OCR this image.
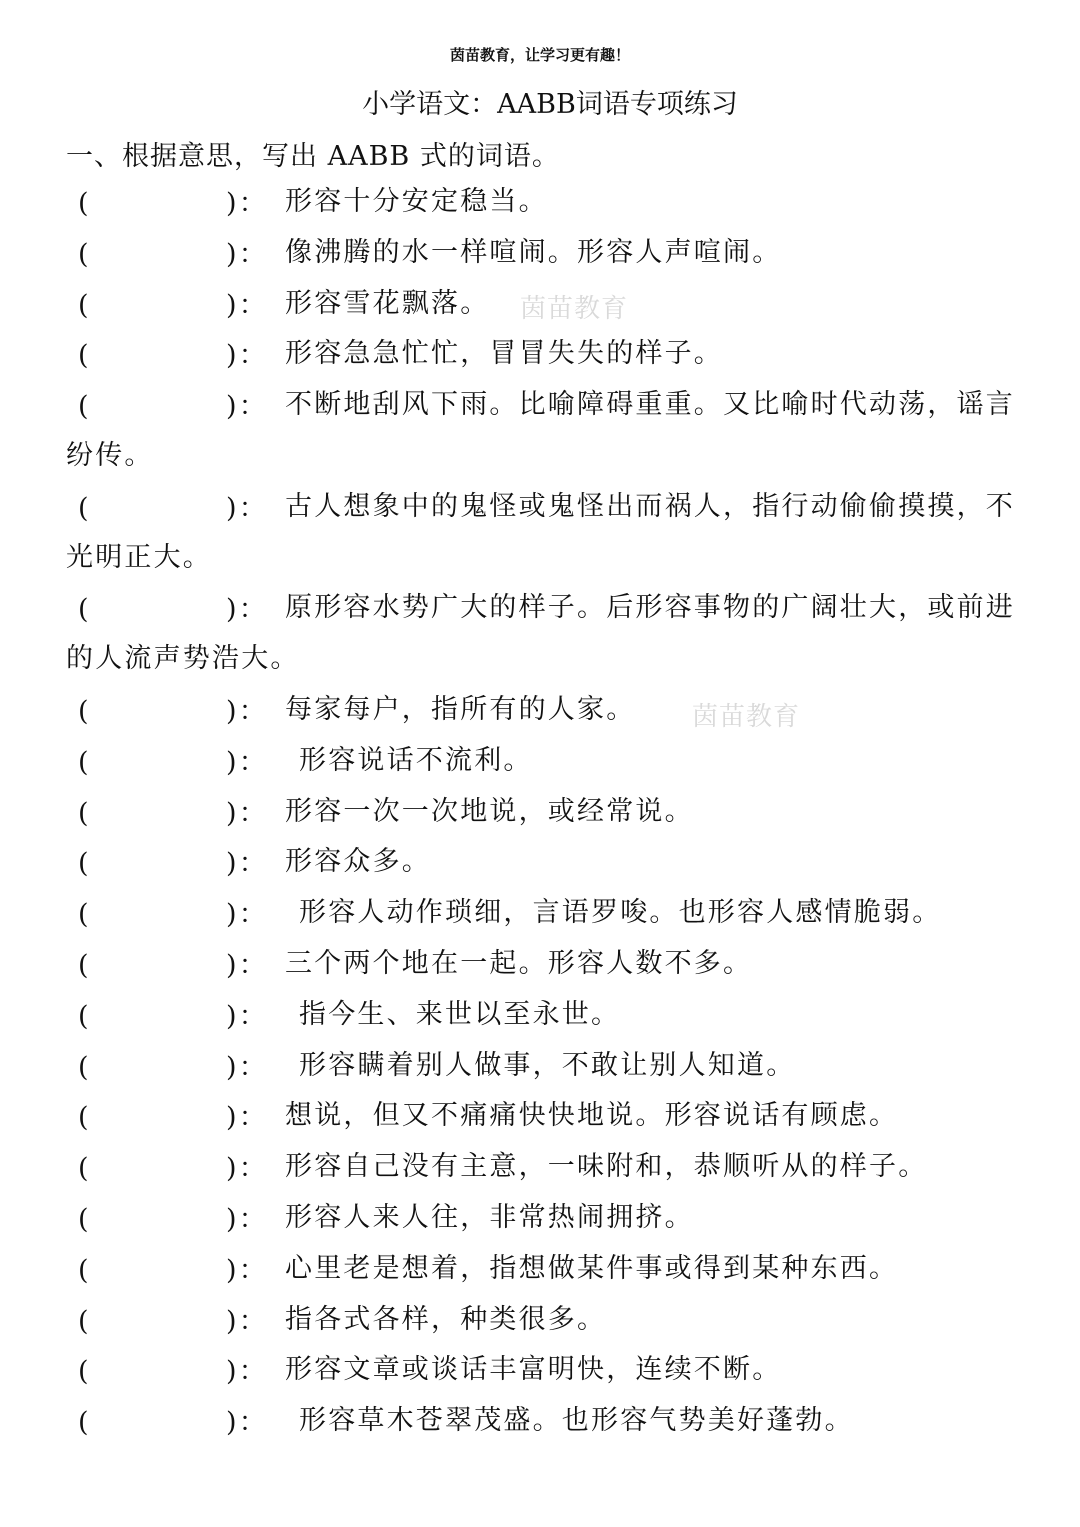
茵苗教育，让学习更有趣！
小学语文：AABB词语专项练习
一、根据意思，写出 AABB 式的词语。
(	)： 形容十分安定稳当。
(	)： 像沸腾的水一样喧闹。形容人声喧闹。
(	)： 形容雪花飘落。
(	)： 形容急急忙忙，冒冒失失的样子。
(	)： 不断地刮风下雨。比喻障碍重重。又比喻时代动荡，谣言
纷传。
(	)： 古人想象中的鬼怪或鬼怪出而祸人，指行动偷偷摸摸，不
光明正大。
(	)： 原形容水势广大的样子。后形容事物的广阔壮大，或前进
的人流声势浩大。
(	)： 每家每户，指所有的人家。
(	)： 形容说话不流利。
(	)： 形容一次一次地说，或经常说。
(	)： 形容众多。
(	)： 形容人动作琐细，言语罗唆。也形容人感情脆弱。
(	)： 三个两个地在一起。形容人数不多。
(	)： 指今生、来世以至永世。
(	)： 形容瞒着别人做事，不敢让别人知道。
(	)： 想说，但又不痛痛快快地说。形容说话有顾虑。
(	)： 形容自己没有主意，一味附和，恭顺听从的样子。
(	)： 形容人来人往，非常热闹拥挤。
(	)： 心里老是想着，指想做某件事或得到某种东西。
(	)： 指各式各样，种类很多。
(	)： 形容文章或谈话丰富明快，连续不断。
(	)： 形容草木苍翠茂盛。也形容气势美好蓬勃。
茵苗教育
茵苗教育
